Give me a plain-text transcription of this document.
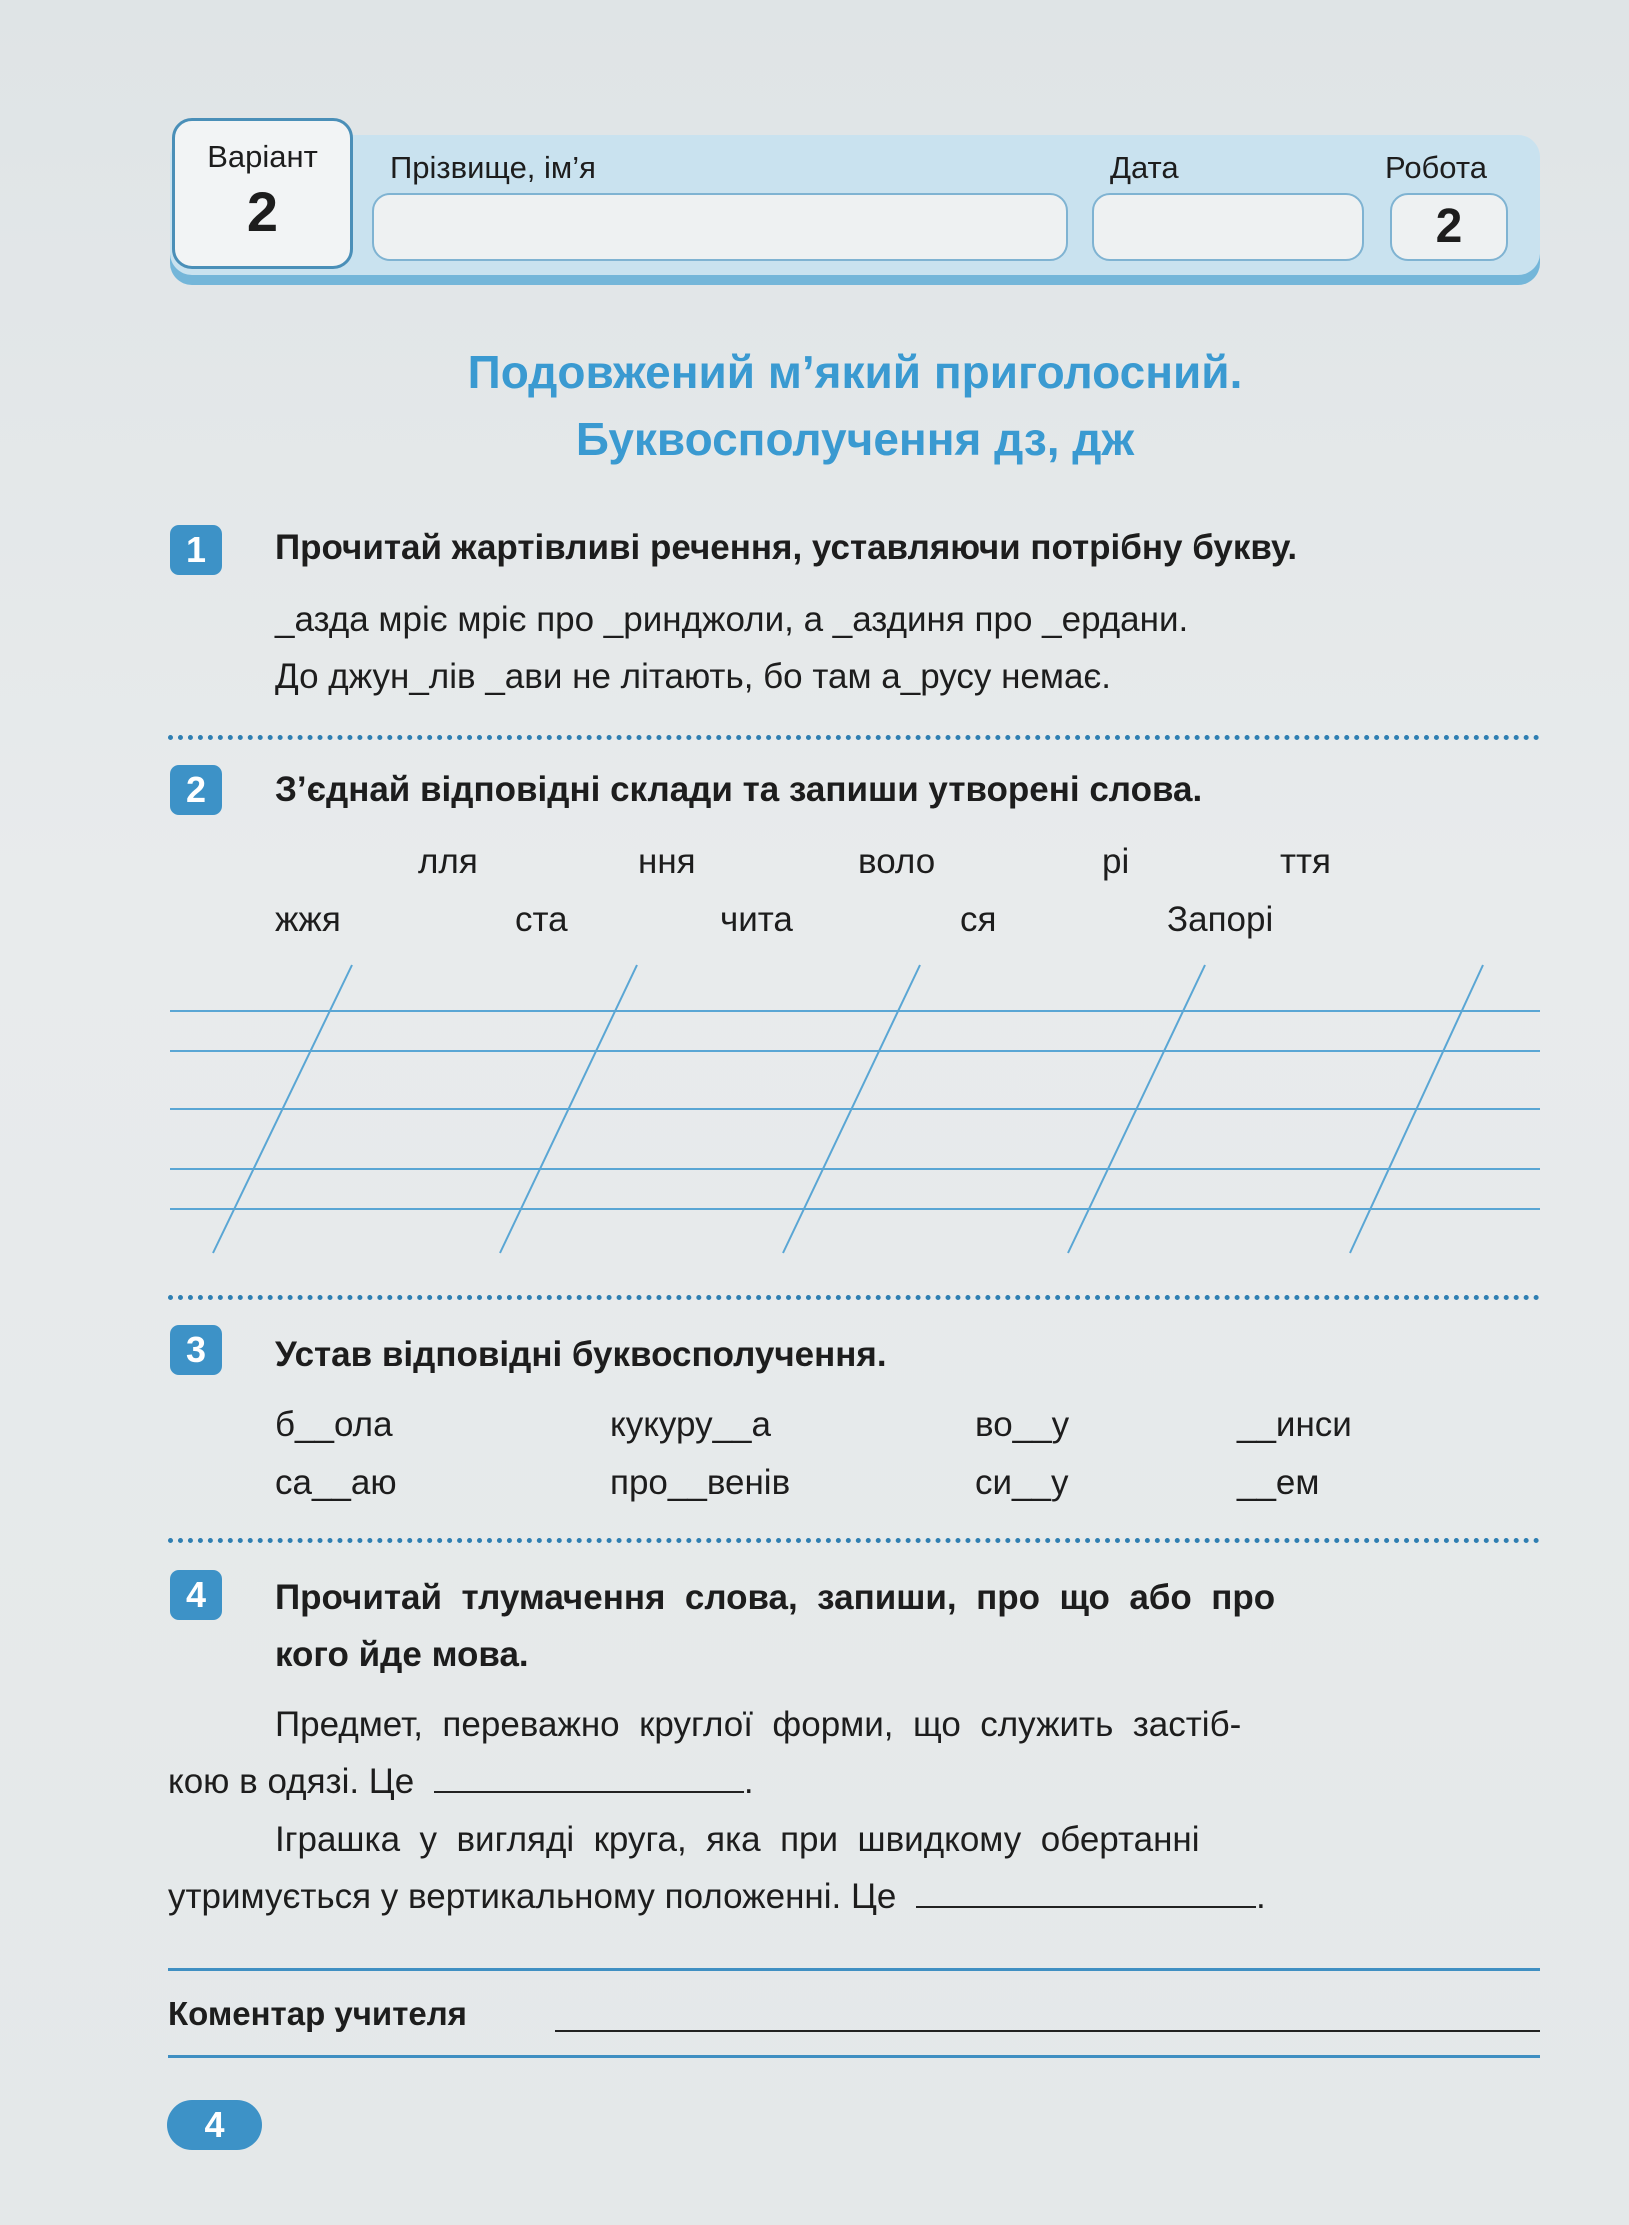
Варіант
2
Прізвище, ім’я	Дата	Робота
2
Подовжений м’який приголосний.
Буквосполучення дз, дж
1	Прочитай жартівливі речення, уставляючи потрібну букву.
_азда мріє мріє про _ринджоли, а _аздиня про _ердани.
До джун_лів _ави не літають, бо там а_русу немає.
2	З’єднай відповідні склади та запиши утворені слова.
лля	ння	воло	рі	ття
жжя	ста	чита	ся	Запорі
3	Устав відповідні буквосполучення.
б__ола	кукуру__а	во__у	__инси
са__аю	про__венів	си__у	__ем
4	Прочитай  тлумачення  слова,  запиши,  про  що  або  про
кого йде мова.
Предмет,  переважно  круглої  форми,  що  служить  застіб-
кою в одязі. Це	.
Іграшка  у  вигляді  круга,  яка  при  швидкому  обертанні
утримується у вертикальному положенні. Це	.
Коментар учителя
4
